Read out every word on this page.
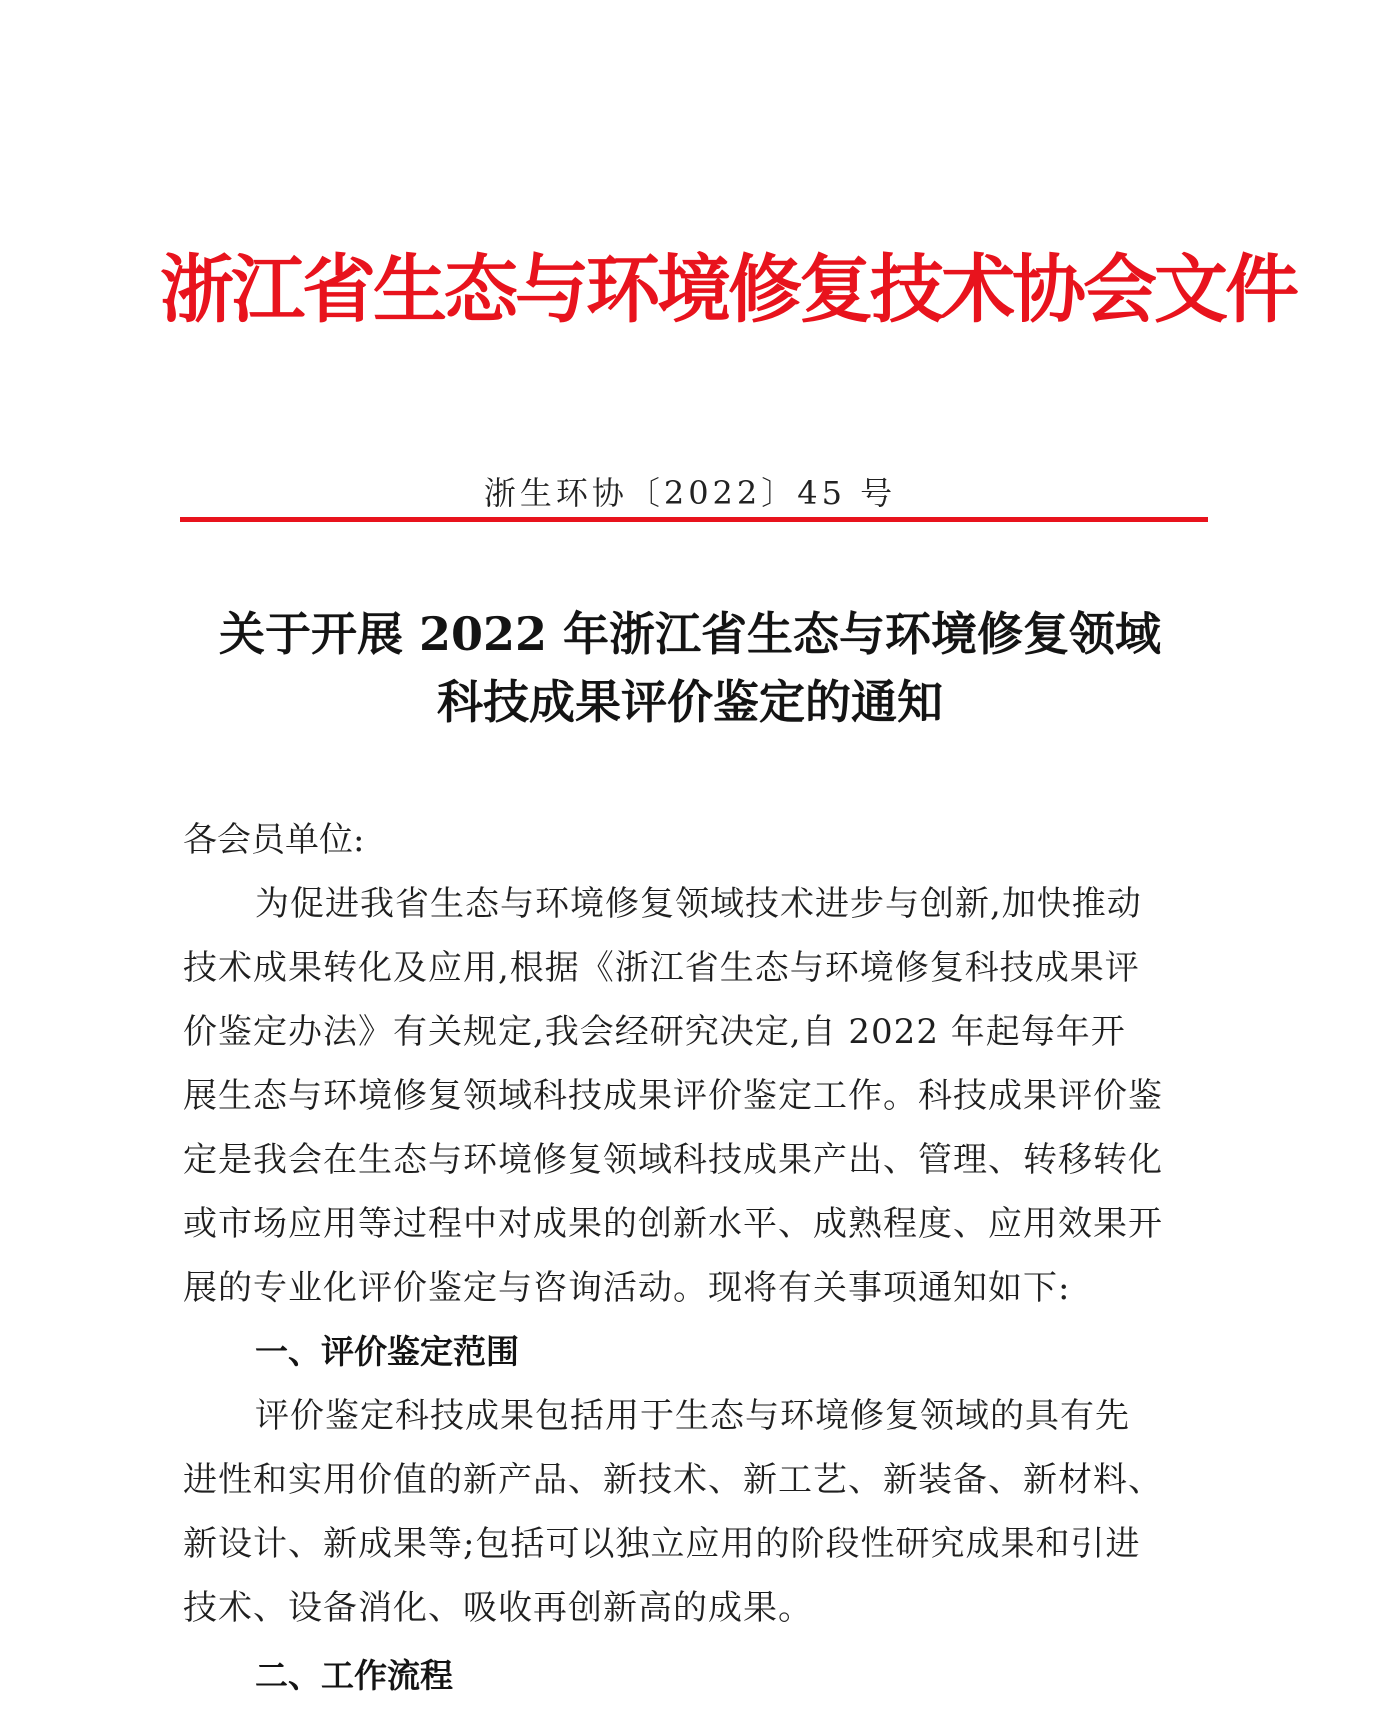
浙江省生态与环境修复技术协会文件
浙生环协〔2022〕45 号
关于开展 2022 年浙江省生态与环境修复领域
科技成果评价鉴定的通知
各会员单位:
为促进我省生态与环境修复领域技术进步与创新,加快推动
技术成果转化及应用,根据《浙江省生态与环境修复科技成果评
价鉴定办法》有关规定,我会经研究决定,自 2022 年起每年开
展生态与环境修复领域科技成果评价鉴定工作。科技成果评价鉴
定是我会在生态与环境修复领域科技成果产出、管理、转移转化
或市场应用等过程中对成果的创新水平、成熟程度、应用效果开
展的专业化评价鉴定与咨询活动。现将有关事项通知如下:
一、评价鉴定范围
评价鉴定科技成果包括用于生态与环境修复领域的具有先
进性和实用价值的新产品、新技术、新工艺、新装备、新材料、
新设计、新成果等;包括可以独立应用的阶段性研究成果和引进
技术、设备消化、吸收再创新高的成果。
二、工作流程
